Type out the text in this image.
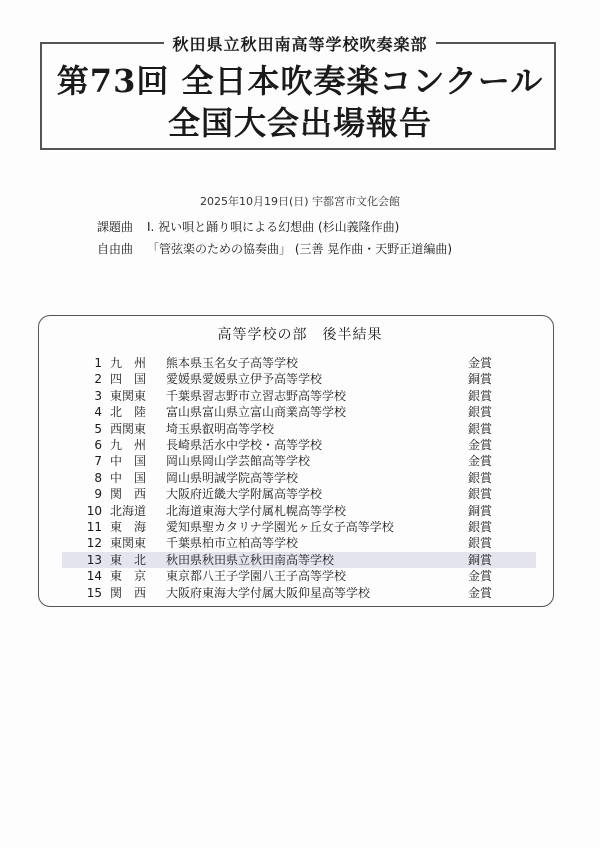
秋田県立秋田南高等学校吹奏楽部
第73回 全日本吹奏楽コンクール
全国大会出場報告
2025年10月19日(日) 宇都宮市文化会館
課題曲 Ⅰ. 祝い唄と踊り唄による幻想曲 (杉山義隆作曲)
自由曲 「管弦楽のための協奏曲」 (三善 晃作曲・天野正道編曲)
高等学校の部　後半結果
1 九　州	熊本県玉名女子高等学校	金賞
2 四　国	愛媛県愛媛県立伊予高等学校	銅賞
3 東関東	千葉県習志野市立習志野高等学校	銀賞
4 北　陸	富山県富山県立富山商業高等学校	銀賞
5 西関東	埼玉県叡明高等学校	銀賞
6 九　州	長崎県活水中学校・高等学校	金賞
7 中　国	岡山県岡山学芸館高等学校	金賞
8 中　国	岡山県明誠学院高等学校	銀賞
9 関　西	大阪府近畿大学附属高等学校	銀賞
10 北海道	北海道東海大学付属札幌高等学校	銅賞
11 東　海	愛知県聖カタリナ学園光ヶ丘女子高等学校	銀賞
12 東関東	千葉県柏市立柏高等学校	銀賞
13 東　北	秋田県秋田県立秋田南高等学校	銅賞
14 東　京	東京都八王子学園八王子高等学校	金賞
15 関　西	大阪府東海大学付属大阪仰星高等学校	金賞
